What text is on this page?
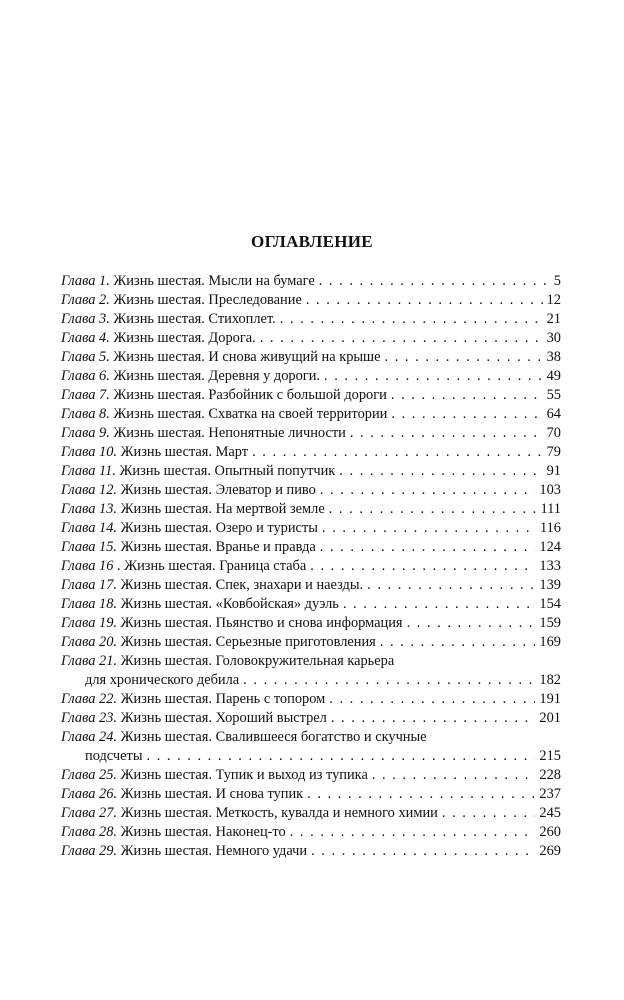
ОГЛАВЛЕНИЕ
Глава 1. Жизнь шестая. Мысли на бумаге . . .	5
Глава 2. Жизнь шестая. Преследование . . .	12
Глава 3. Жизнь шестая. Стихоплет. . . .	21
Глава 4. Жизнь шестая. Дорога. . . .	30
Глава 5. Жизнь шестая. И снова живущий на крыше . . .	38
Глава 6. Жизнь шестая. Деревня у дороги. . . .	49
Глава 7. Жизнь шестая. Разбойник с большой дороги . . .	55
Глава 8. Жизнь шестая. Схватка на своей территории . . .	64
Глава 9. Жизнь шестая. Непонятные личности . . .	70
Глава 10. Жизнь шестая. Март . . .	79
Глава 11. Жизнь шестая. Опытный попутчик . . .	91
Глава 12. Жизнь шестая. Элеватор и пиво . . .	103
Глава 13. Жизнь шестая. На мертвой земле . . .	111
Глава 14. Жизнь шестая. Озеро и туристы . . .	116
Глава 15. Жизнь шестая. Вранье и правда . . .	124
Глава 16 . Жизнь шестая. Граница стаба . . .	133
Глава 17. Жизнь шестая. Спек, знахари и наезды. . . .	139
Глава 18. Жизнь шестая. «Ковбойская» дуэль . . .	154
Глава 19. Жизнь шестая. Пьянство и снова информация . . .	159
Глава 20. Жизнь шестая. Серьезные приготовления . . .	169
Глава 21. Жизнь шестая. Головокружительная карьера
для хронического дебила . . .	182
Глава 22. Жизнь шестая. Парень с топором . . .	191
Глава 23. Жизнь шестая. Хороший выстрел . . .	201
Глава 24. Жизнь шестая. Свалившееся богатство и скучные
подсчеты . . .	215
Глава 25. Жизнь шестая. Тупик и выход из тупика . . .	228
Глава 26. Жизнь шестая. И снова тупик . . .	237
Глава 27. Жизнь шестая. Меткость, кувалда и немного химии . . .	245
Глава 28. Жизнь шестая. Наконец-то . . .	260
Глава 29. Жизнь шестая. Немного удачи . . .	269
